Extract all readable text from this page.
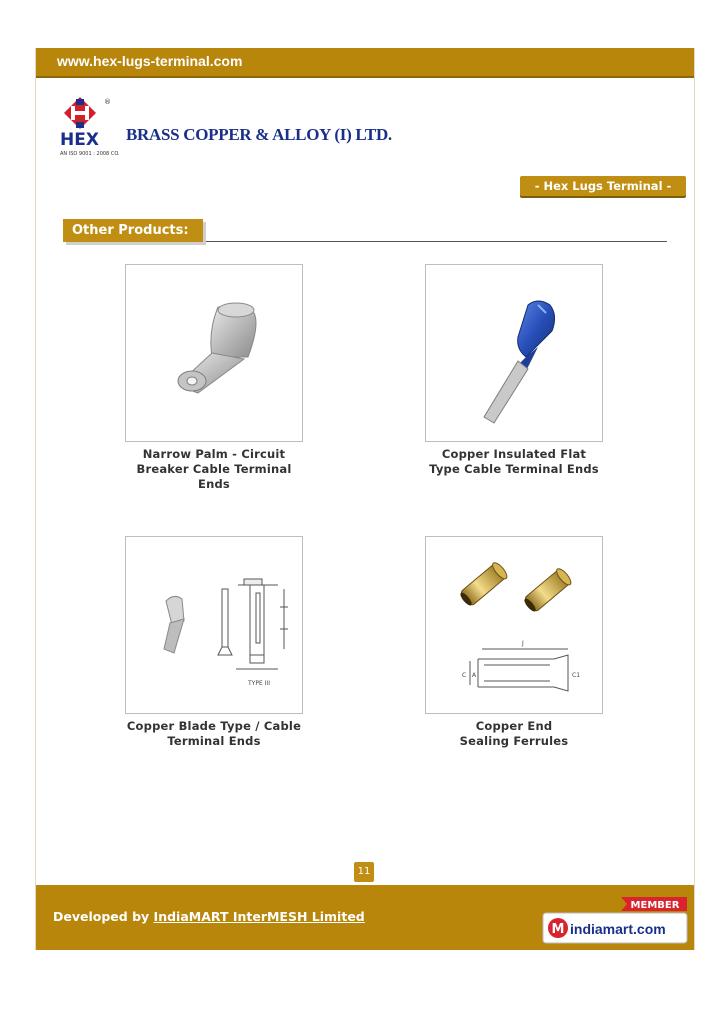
www.hex-lugs-terminal.com
®
HEX
AN ISO 9001 : 2008 CO.
BRASS COPPER & ALLOY (I) LTD.
- Hex Lugs Terminal -
Other Products:
Narrow Palm - Circuit Breaker Cable Terminal Ends
Copper Insulated Flat Type Cable Terminal Ends
TYPE III
Copper Blade Type / Cable Terminal Ends
C A	C1
J
Copper End Sealing Ferrules
11
Developed by IndiaMART InterMESH Limited
MEMBER
M indiamart.com
